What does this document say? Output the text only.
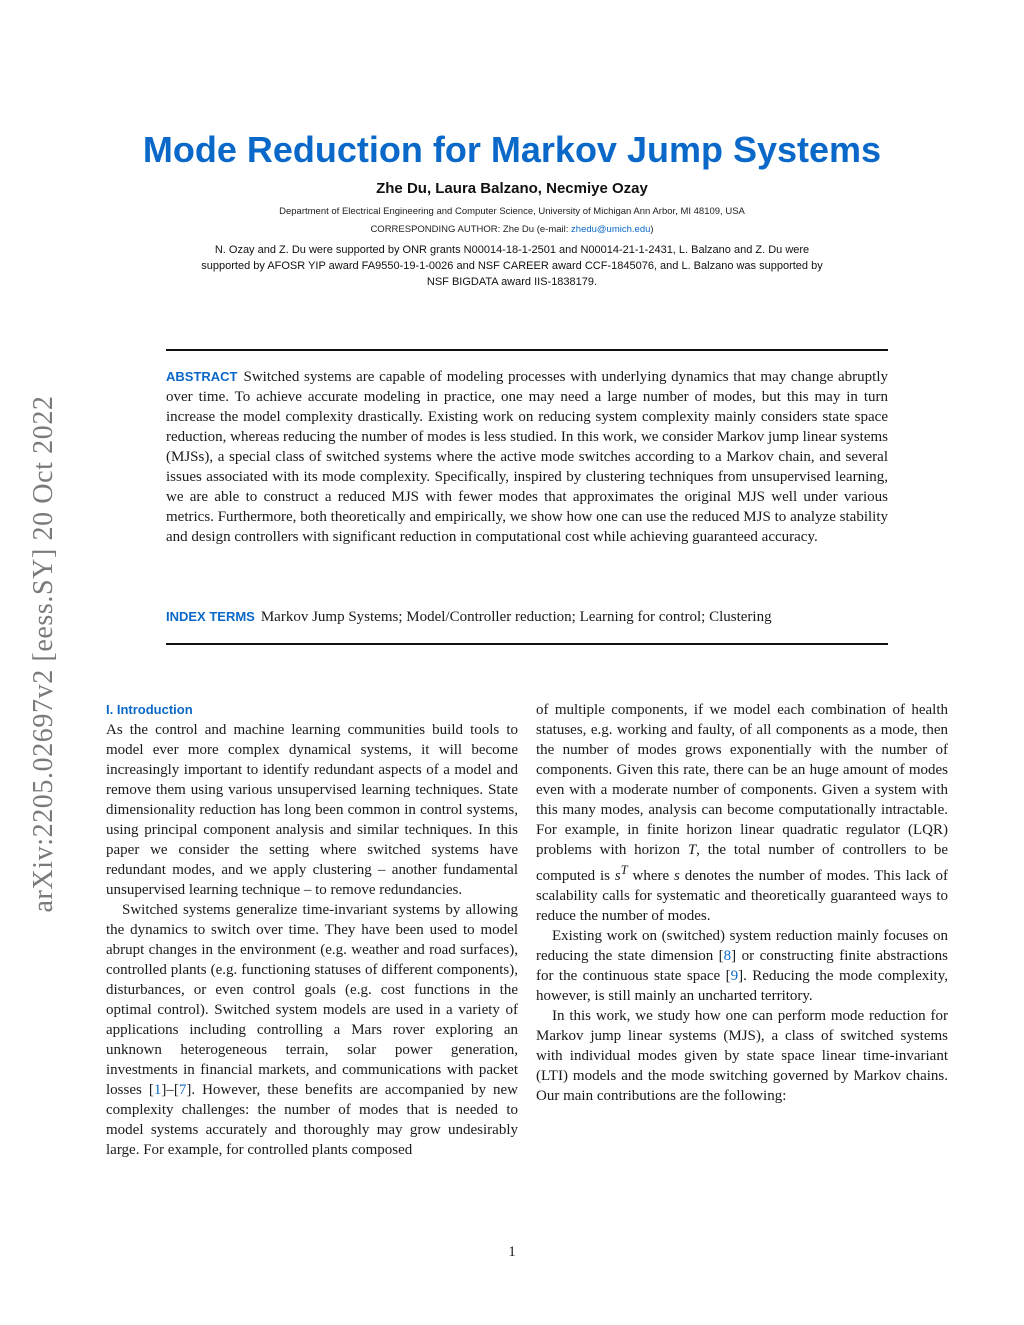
arXiv:2205.02697v2 [eess.SY] 20 Oct 2022
Mode Reduction for Markov Jump Systems
Zhe Du, Laura Balzano, Necmiye Ozay
Department of Electrical Engineering and Computer Science, University of Michigan Ann Arbor, MI 48109, USA
CORRESPONDING AUTHOR: Zhe Du (e-mail: zhedu@umich.edu)
N. Ozay and Z. Du were supported by ONR grants N00014-18-1-2501 and N00014-21-1-2431, L. Balzano and Z. Du were supported by AFOSR YIP award FA9550-19-1-0026 and NSF CAREER award CCF-1845076, and L. Balzano was supported by NSF BIGDATA award IIS-1838179.

ABSTRACT Switched systems are capable of modeling processes with underlying dynamics that may change abruptly over time. To achieve accurate modeling in practice, one may need a large number of modes, but this may in turn increase the model complexity drastically. Existing work on reducing system complexity mainly considers state space reduction, whereas reducing the number of modes is less studied. In this work, we consider Markov jump linear systems (MJSs), a special class of switched systems where the active mode switches according to a Markov chain, and several issues associated with its mode complexity. Specifically, inspired by clustering techniques from unsupervised learning, we are able to construct a reduced MJS with fewer modes that approximates the original MJS well under various metrics. Furthermore, both theoretically and empirically, we show how one can use the reduced MJS to analyze stability and design controllers with significant reduction in computational cost while achieving guaranteed accuracy.

INDEX TERMS Markov Jump Systems; Model/Controller reduction; Learning for control; Clustering

I. Introduction

As the control and machine learning communities build tools to model ever more complex dynamical systems, it will become increasingly important to identify redundant aspects of a model and remove them using various unsupervised learning techniques. State dimensionality reduction has long been common in control systems, using principal component analysis and similar techniques. In this paper we consider the setting where switched systems have redundant modes, and we apply clustering – another fundamental unsupervised learning technique – to remove redundancies.

Switched systems generalize time-invariant systems by allowing the dynamics to switch over time. They have been used to model abrupt changes in the environment (e.g. weather and road surfaces), controlled plants (e.g. functioning statuses of different components), disturbances, or even control goals (e.g. cost functions in the optimal control). Switched system models are used in a variety of applications including controlling a Mars rover exploring an unknown heterogeneous terrain, solar power generation, investments in financial markets, and communications with packet losses [1]–[7]. However, these benefits are accompanied by new complexity challenges: the number of modes that is needed to model systems accurately and thoroughly may grow undesirably large. For example, for controlled plants composed

of multiple components, if we model each combination of health statuses, e.g. working and faulty, of all components as a mode, then the number of modes grows exponentially with the number of components. Given this rate, there can be an huge amount of modes even with a moderate number of components. Given a system with this many modes, analysis can become computationally intractable. For example, in finite horizon linear quadratic regulator (LQR) problems with horizon T, the total number of controllers to be computed is $s^T$ where s denotes the number of modes. This lack of scalability calls for systematic and theoretically guaranteed ways to reduce the number of modes.

Existing work on (switched) system reduction mainly focuses on reducing the state dimension [8] or constructing finite abstractions for the continuous state space [9]. Reducing the mode complexity, however, is still mainly an uncharted territory.

In this work, we study how one can perform mode reduction for Markov jump linear systems (MJS), a class of switched systems with individual modes given by state space linear time-invariant (LTI) models and the mode switching governed by Markov chains. Our main contributions are the following:

1
